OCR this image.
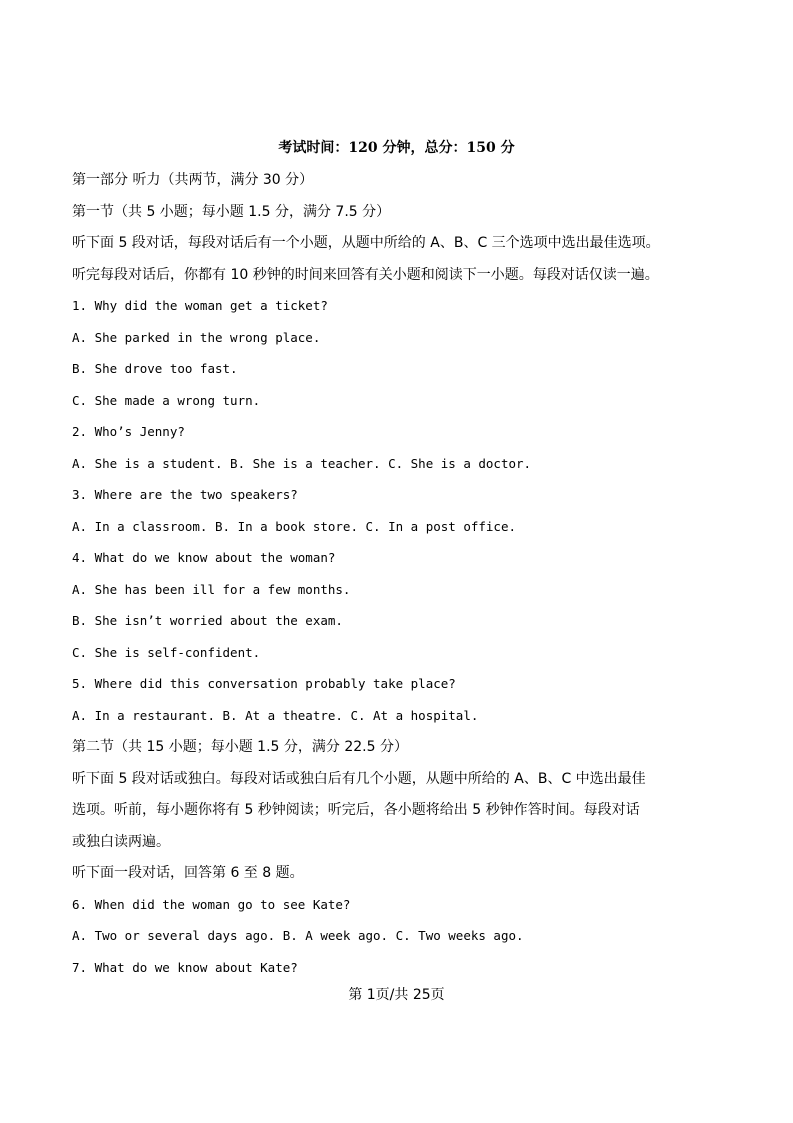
考试时间：120 分钟，总分：150 分
第一部分 听力（共两节，满分 30 分）
第一节（共 5 小题；每小题 1.5 分，满分 7.5 分）
听下面 5 段对话，每段对话后有一个小题，从题中所给的 A、B、C 三个选项中选出最佳选项。
听完每段对话后，你都有 10 秒钟的时间来回答有关小题和阅读下一小题。每段对话仅读一遍。
1. Why did the woman get a ticket?
A. She parked in the wrong place.
B. She drove too fast.
C. She made a wrong turn.
2. Who’s Jenny?
A. She is a student. B. She is a teacher. C. She is a doctor.
3. Where are the two speakers?
A. In a classroom. B. In a book store. C. In a post office.
4. What do we know about the woman?
A. She has been ill for a few months.
B. She isn’t worried about the exam.
C. She is self-confident.
5. Where did this conversation probably take place?
A. In a restaurant. B. At a theatre. C. At a hospital.
第二节（共 15 小题；每小题 1.5 分，满分 22.5 分）
听下面 5 段对话或独白。每段对话或独白后有几个小题，从题中所给的 A、B、C 中选出最佳
选项。听前，每小题你将有 5 秒钟阅读；听完后，各小题将给出 5 秒钟作答时间。每段对话
或独白读两遍。
听下面一段对话，回答第 6 至 8 题。
6. When did the woman go to see Kate?
A. Two or several days ago. B. A week ago. C. Two weeks ago.
7. What do we know about Kate?
第 1页/共 25页
